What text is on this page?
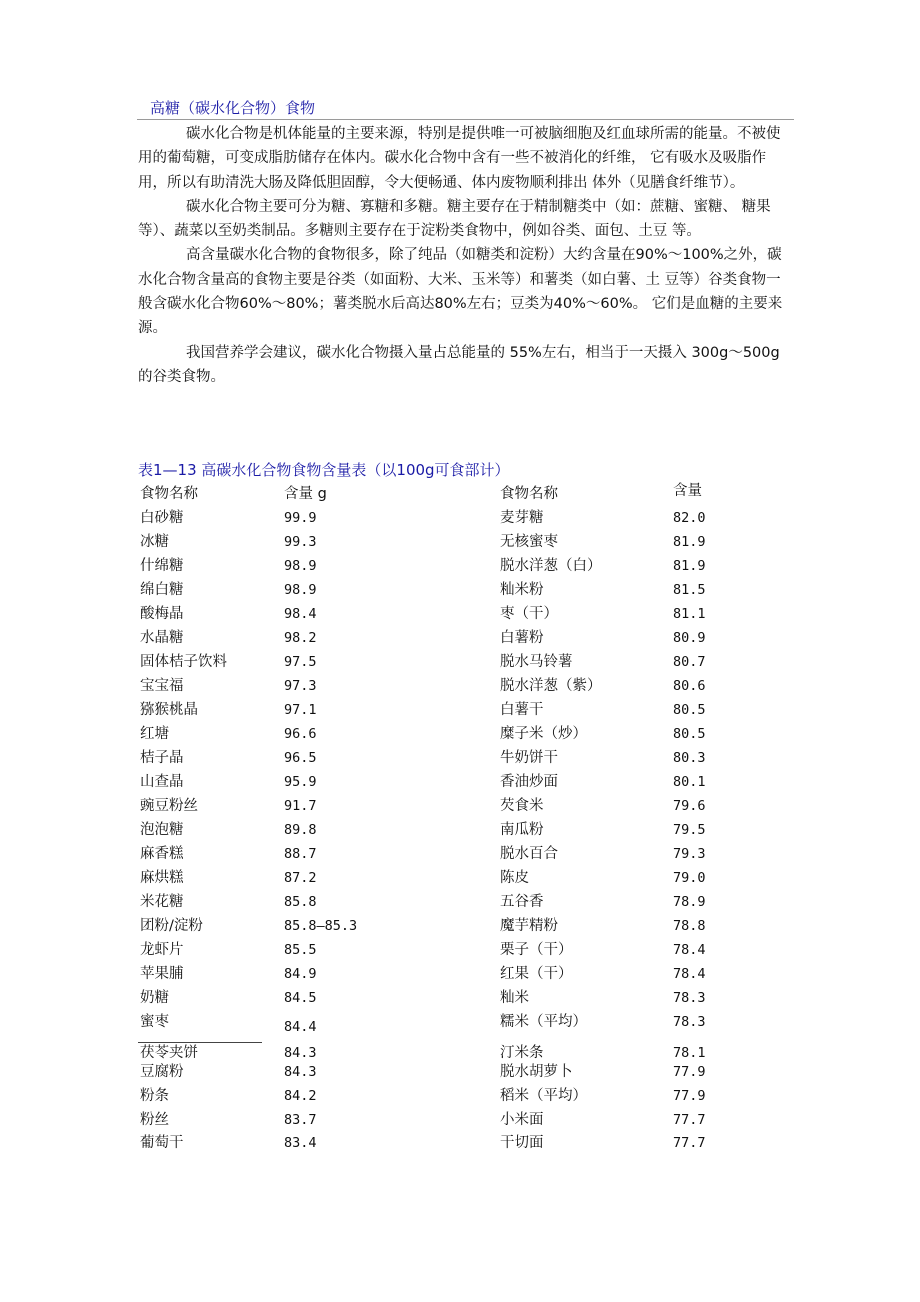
高糖（碳水化合物）食物

碳水化合物是机体能量的主要来源，特别是提供唯一可被脑细胞及红血球所需的能量。不被使用的葡萄糖，可变成脂肪储存在体内。碳水化合物中含有一些不被消化的纤维， 它有吸水及吸脂作用，所以有助清洗大肠及降低胆固醇，令大便畅通、体内废物顺利排出 体外（见膳食纤维节）。

碳水化合物主要可分为糖、寡糖和多糖。糖主要存在于精制糖类中（如：蔗糖、蜜糖、 糖果等）、蔬菜以至奶类制品。多糖则主要存在于淀粉类食物中，例如谷类、面包、土豆 等。

高含量碳水化合物的食物很多，除了纯品（如糖类和淀粉）大约含量在90%〜100%之外，碳水化合物含量高的食物主要是谷类（如面粉、大米、玉米等）和薯类（如白薯、土 豆等）谷类食物一般含碳水化合物60%〜80%；薯类脱水后高达80%左右；豆类为40%〜60%。 它们是血糖的主要来源。

我国营养学会建议，碳水化合物摄入量占总能量的 55%左右，相当于一天摄入 300g〜500g 的谷类食物。

表1—13 高碳水化合物食物含量表（以100g可食部计）
食物名称	含量 g	食物名称	含量
白砂糖	99.9	麦芽糖	82.0
冰糖	99.3	无核蜜枣	81.9
什绵糖	98.9	脱水洋葱（白）	81.9
绵白糖	98.9	籼米粉	81.5
酸梅晶	98.4	枣（干）	81.1
水晶糖	98.2	白薯粉	80.9
固体桔子饮料	97.5	脱水马铃薯	80.7
宝宝福	97.3	脱水洋葱（紫）	80.6
猕猴桃晶	97.1	白薯干	80.5
红塘	96.6	糜子米（炒）	80.5
桔子晶	96.5	牛奶饼干	80.3
山查晶	95.9	香油炒面	80.1
豌豆粉丝	91.7	芡食米	79.6
泡泡糖	89.8	南瓜粉	79.5
麻香糕	88.7	脱水百合	79.3
麻烘糕	87.2	陈皮	79.0
米花糖	85.8	五谷香	78.9
团粉/淀粉	85.8—85.3	魔芋精粉	78.8
龙虾片	85.5	栗子（干）	78.4
苹果脯	84.9	红果（干）	78.4
奶糖	84.5	籼米	78.3
蜜枣	84.4	糯米（平均）	78.3
茯苓夹饼	84.3	汀米条	78.1
豆腐粉	84.3	脱水胡萝卜	77.9
粉条	84.2	稻米（平均）	77.9
粉丝	83.7	小米面	77.7
葡萄干	83.4	干切面	77.7
